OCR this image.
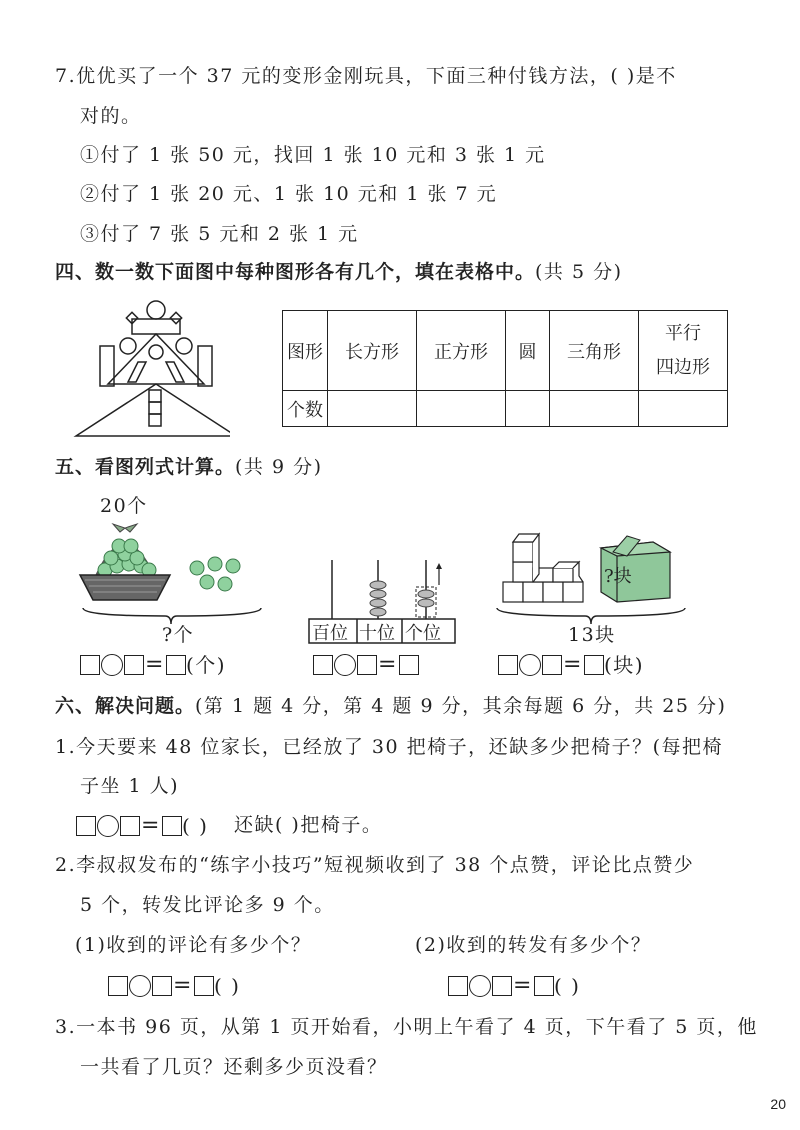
7.优优买了一个 37 元的变形金刚玩具，下面三种付钱方法，( )是不
对的。
①付了 1 张 50 元，找回 1 张 10 元和 3 张 1 元
②付了 1 张 20 元、1 张 10 元和 1 张 7 元
③付了 7 张 5 元和 2 张 1 元
四、数一数下面图中每种图形各有几个，填在表格中。(共 5 分)
图形	长方形	正方形	圆	三角形	平行
四边形

个数					
五、看图列式计算。(共 9 分)
20个
?个
= (个)
百位 十位 个位
=
?块
13块
= (块)
六、解决问题。(第 1 题 4 分，第 4 题 9 分，其余每题 6 分，共 25 分)
1.今天要来 48 位家长，已经放了 30 把椅子，还缺多少把椅子？(每把椅
子坐 1 人)
= ( ) 还缺( )把椅子。
2.李叔叔发布的“练字小技巧”短视频收到了 38 个点赞，评论比点赞少
5 个，转发比评论多 9 个。
(1)收到的评论有多少个？	(2)收到的转发有多少个？
= ( )	= ( )
3.一本书 96 页，从第 1 页开始看，小明上午看了 4 页，下午看了 5 页，他
一共看了几页？还剩多少页没看？
20
